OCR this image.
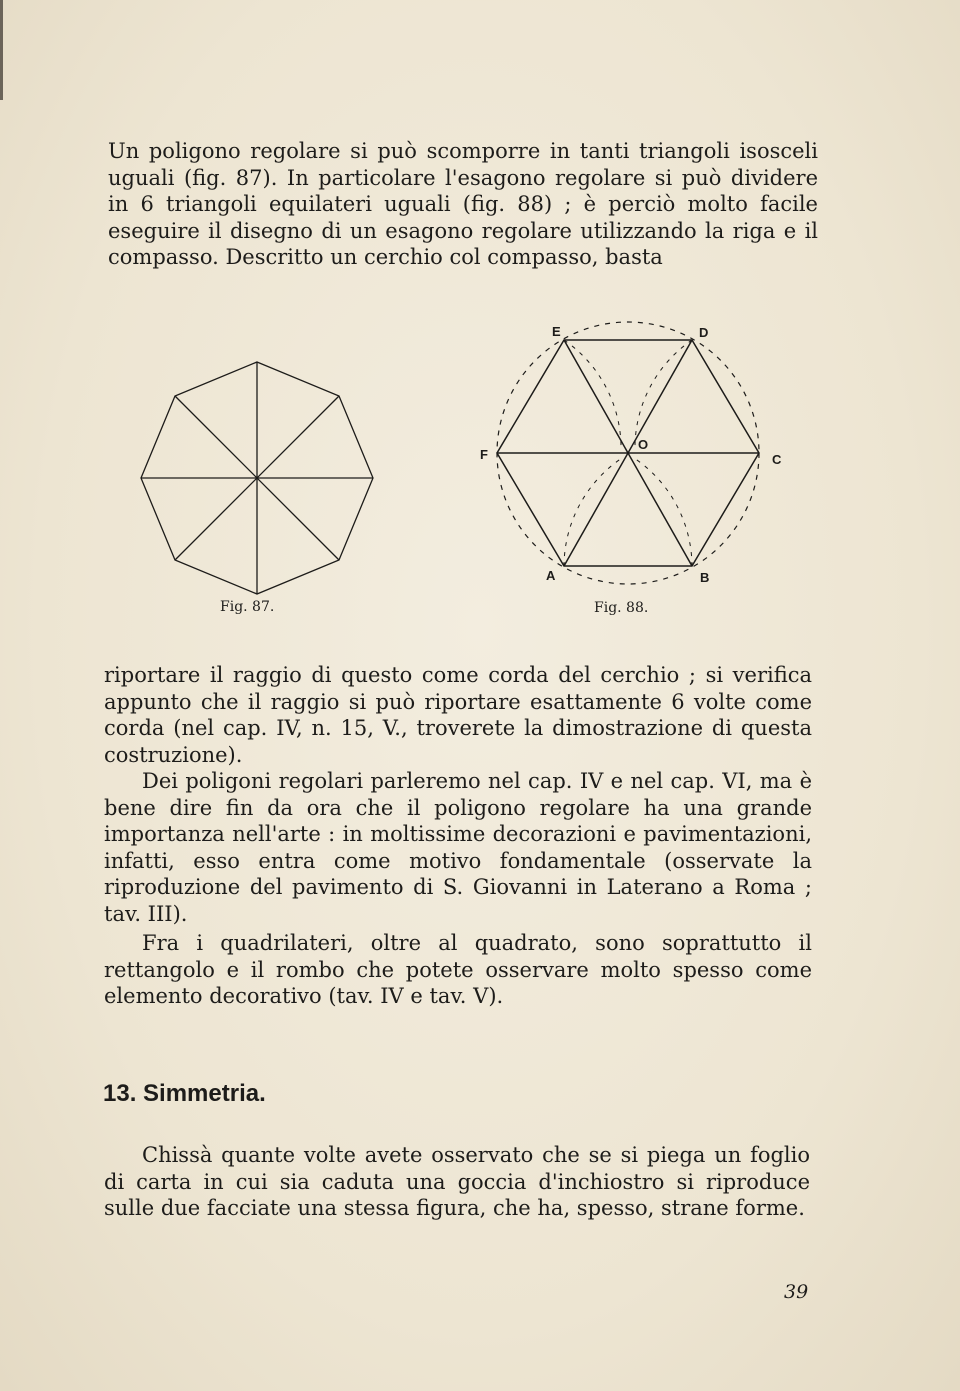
Un poligono regolare si può scomporre in tanti triangoli isosceli uguali (fig. 87). In particolare l'esagono regolare si può dividere in 6 triangoli equilateri uguali (fig. 88) ; è perciò molto facile eseguire il disegno di un esagono regolare utilizzando la riga e il compasso. Descritto un cerchio col compasso, basta

Fig. 87.
E	D
F	C
O
A	B
Fig. 88.

riportare il raggio di questo come corda del cerchio ; si verifica appunto che il raggio si può riportare esattamente 6 volte come corda (nel cap. IV, n. 15, V., troverete la dimostrazione di questa costruzione).

Dei poligoni regolari parleremo nel cap. IV e nel cap. VI, ma è bene dire fin da ora che il poligono regolare ha una grande importanza nell'arte : in moltissime decorazioni e pavimentazioni, infatti, esso entra come motivo fondamentale (osservate la riproduzione del pavimento di S. Giovanni in Laterano a Roma ; tav. III).

Fra i quadrilateri, oltre al quadrato, sono soprattutto il rettangolo e il rombo che potete osservare molto spesso come elemento decorativo (tav. IV e tav. V).

13. Simmetria.

Chissà quante volte avete osservato che se si piega un foglio di carta in cui sia caduta una goccia d'inchiostro si riproduce sulle due facciate una stessa figura, che ha, spesso, strane forme.

39
